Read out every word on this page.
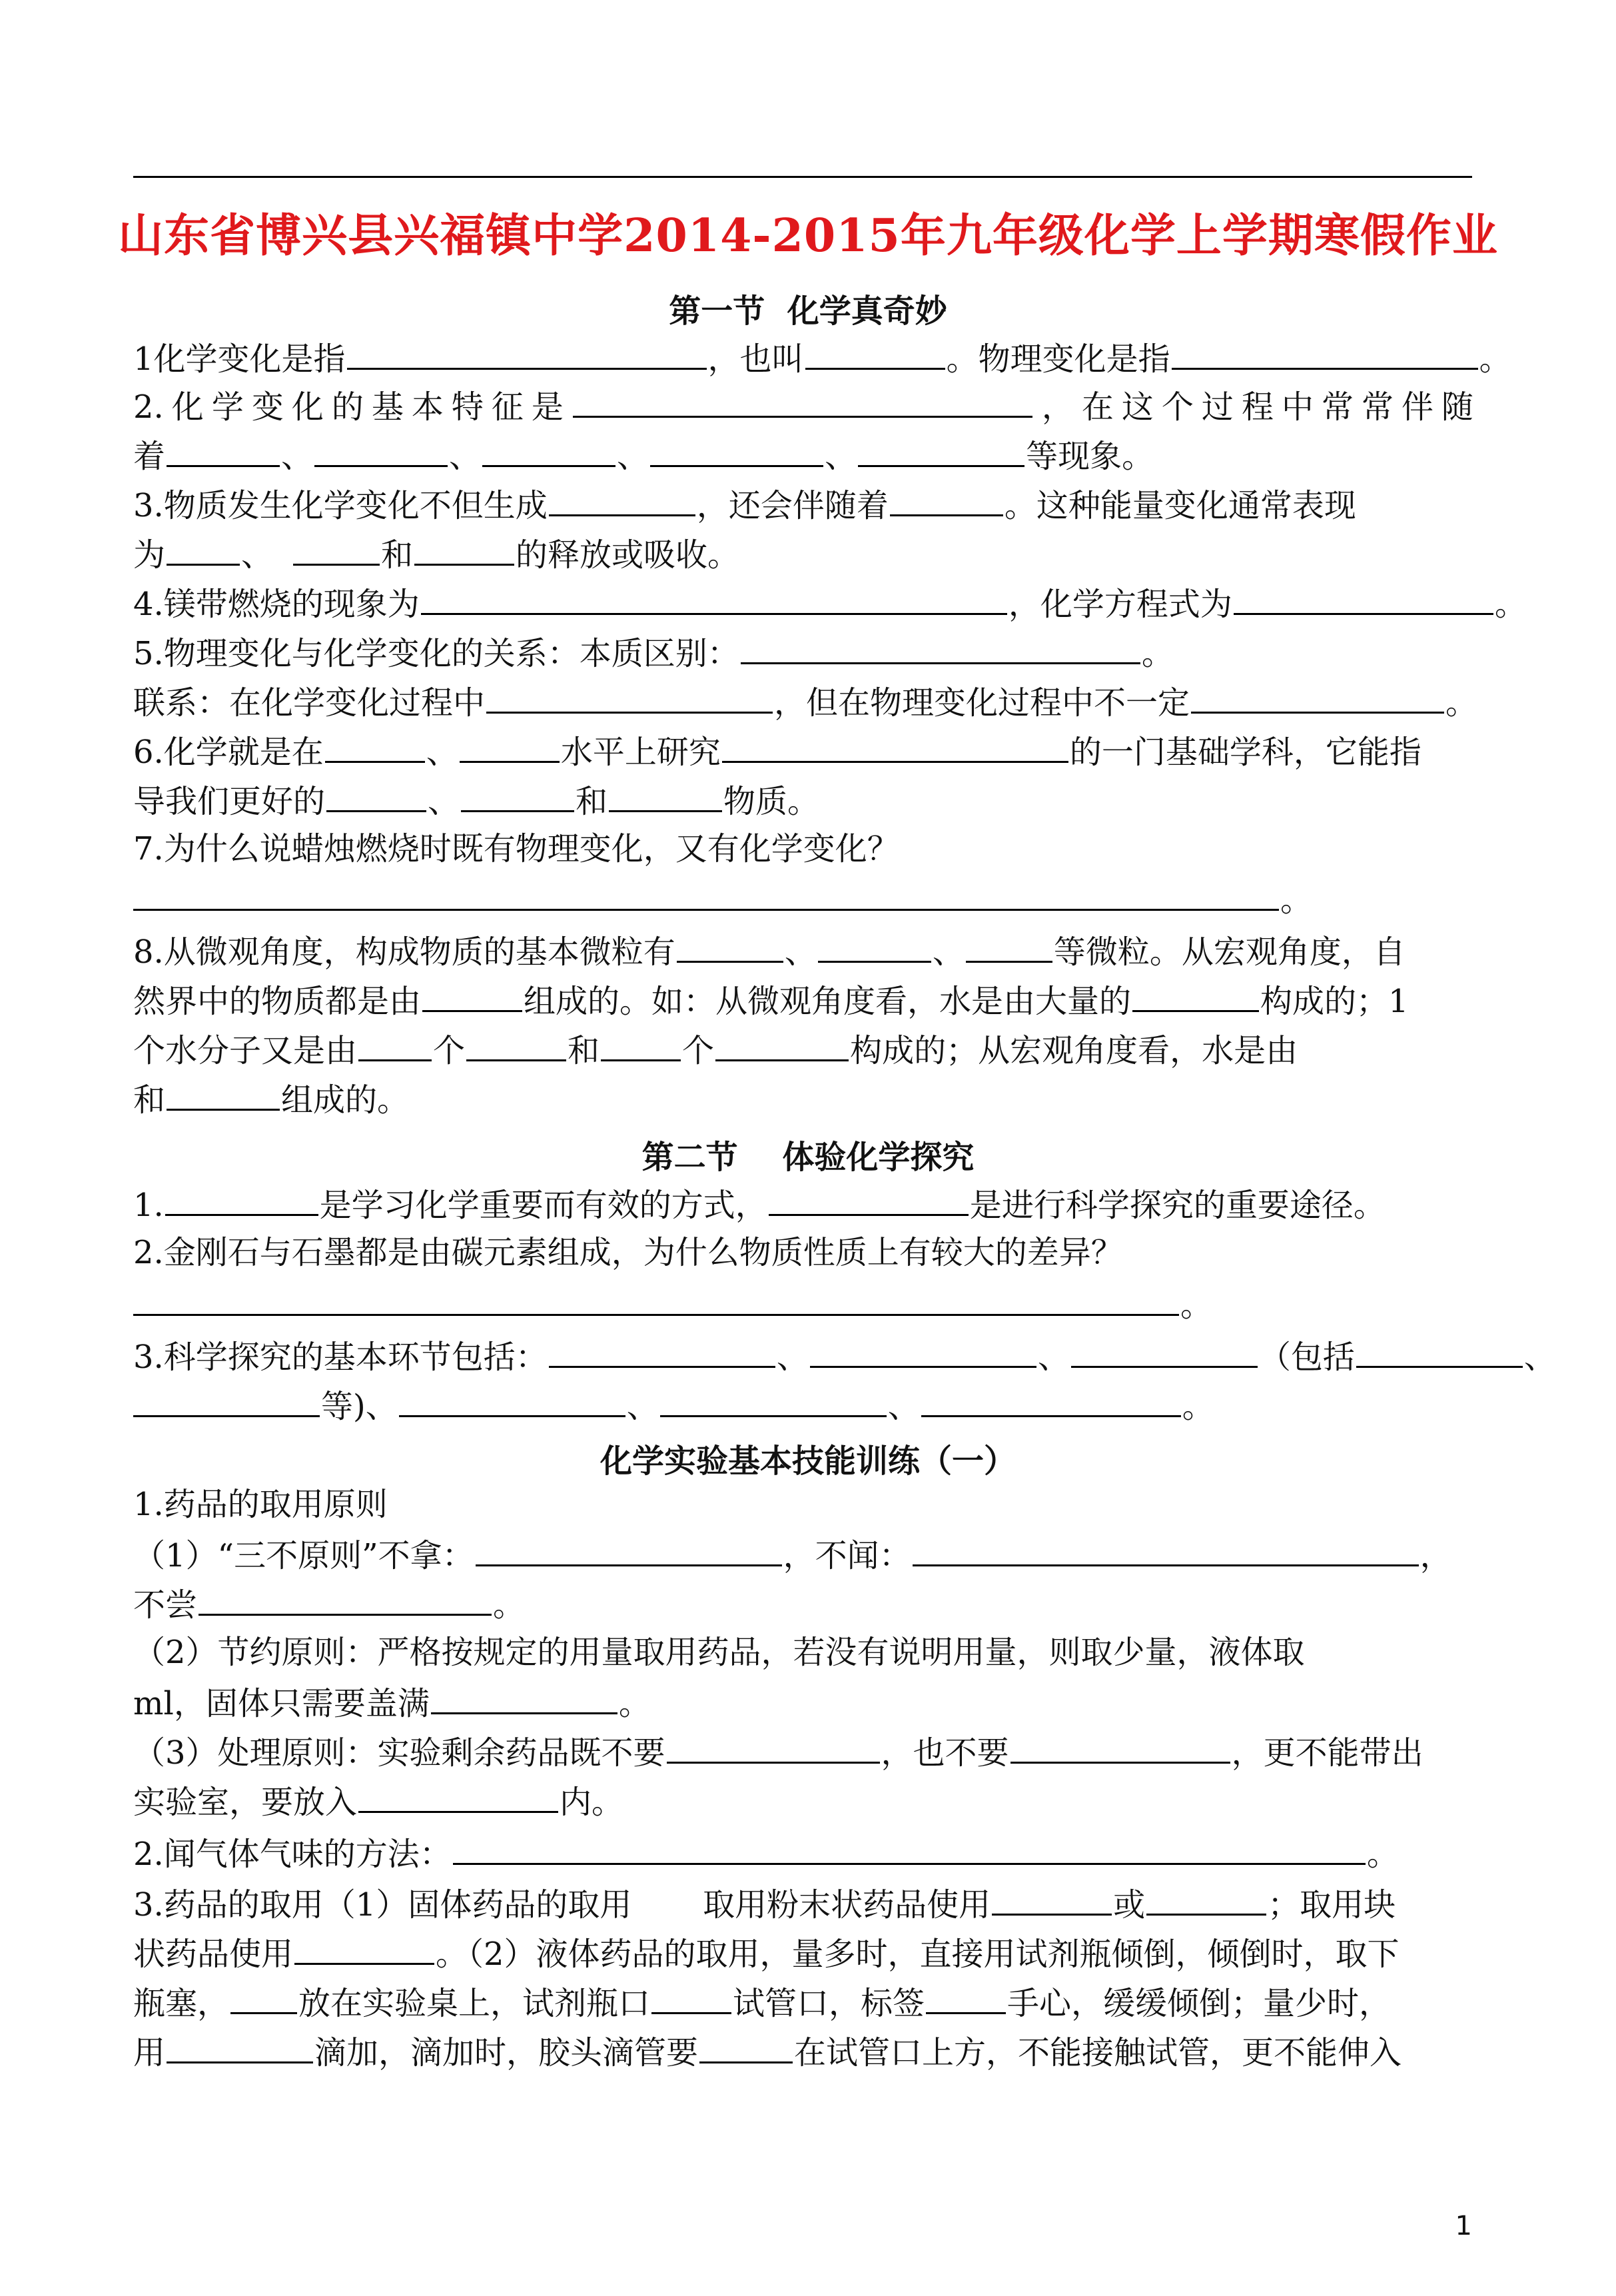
山东省博兴县兴福镇中学2014-2015年九年级化学上学期寒假作业
第一节  化学真奇妙
1化学变化是指	，也叫	。物理变化是指	。
2.化学变化的基本特征是	，在这个过程中常常伴随
着	、	、	、	、	等现象。
3.物质发生化学变化不但生成	，还会伴随着	。这种能量变化通常表现
为 、	和	的释放或吸收。
4.镁带燃烧的现象为	，化学方程式为	。
5.物理变化与化学变化的关系：本质区别：	。
联系：在化学变化过程中	，但在物理变化过程中不一定	。
6.化学就是在	、	水平上研究	的一门基础学科，它能指
导我们更好的	、	和	物质。
7.为什么说蜡烛燃烧时既有物理变化，又有化学变化？
。
8.从微观角度，构成物质的基本微粒有	、	、	等微粒。从宏观角度，自
然界中的物质都是由	组成的。如：从微观角度看，水是由大量的	构成的；1
个水分子又是由 个	和	个	构成的；从宏观角度看，水是由
和	组成的。
第二节    体验化学探究
1.	是学习化学重要而有效的方式，	是进行科学探究的重要途径。
2.金刚石与石墨都是由碳元素组成，为什么物质性质上有较大的差异？
。
3.科学探究的基本环节包括：	、	、	（包括	、
等)、	、	、	。
化学实验基本技能训练（一）
1.药品的取用原则
（1）“三不原则”不拿：	，不闻：	，
不尝	。
（2）节约原则：严格按规定的用量取用药品，若没有说明用量，则取少量，液体取
ml，固体只需要盖满	。
（3）处理原则：实验剩余药品既不要	，也不要	，更不能带出
实验室，要放入	内。
2.闻气体气味的方法：	。
3.药品的取用（1）固体药品的取用       取用粉末状药品使用	或	；取用块
状药品使用	。（2）液体药品的取用，量多时，直接用试剂瓶倾倒，倾倒时，取下
瓶塞， 放在实验桌上，试剂瓶口	试管口，标签	手心，缓缓倾倒；量少时，
用	滴加，滴加时，胶头滴管要	在试管口上方，不能接触试管，更不能伸入
1
